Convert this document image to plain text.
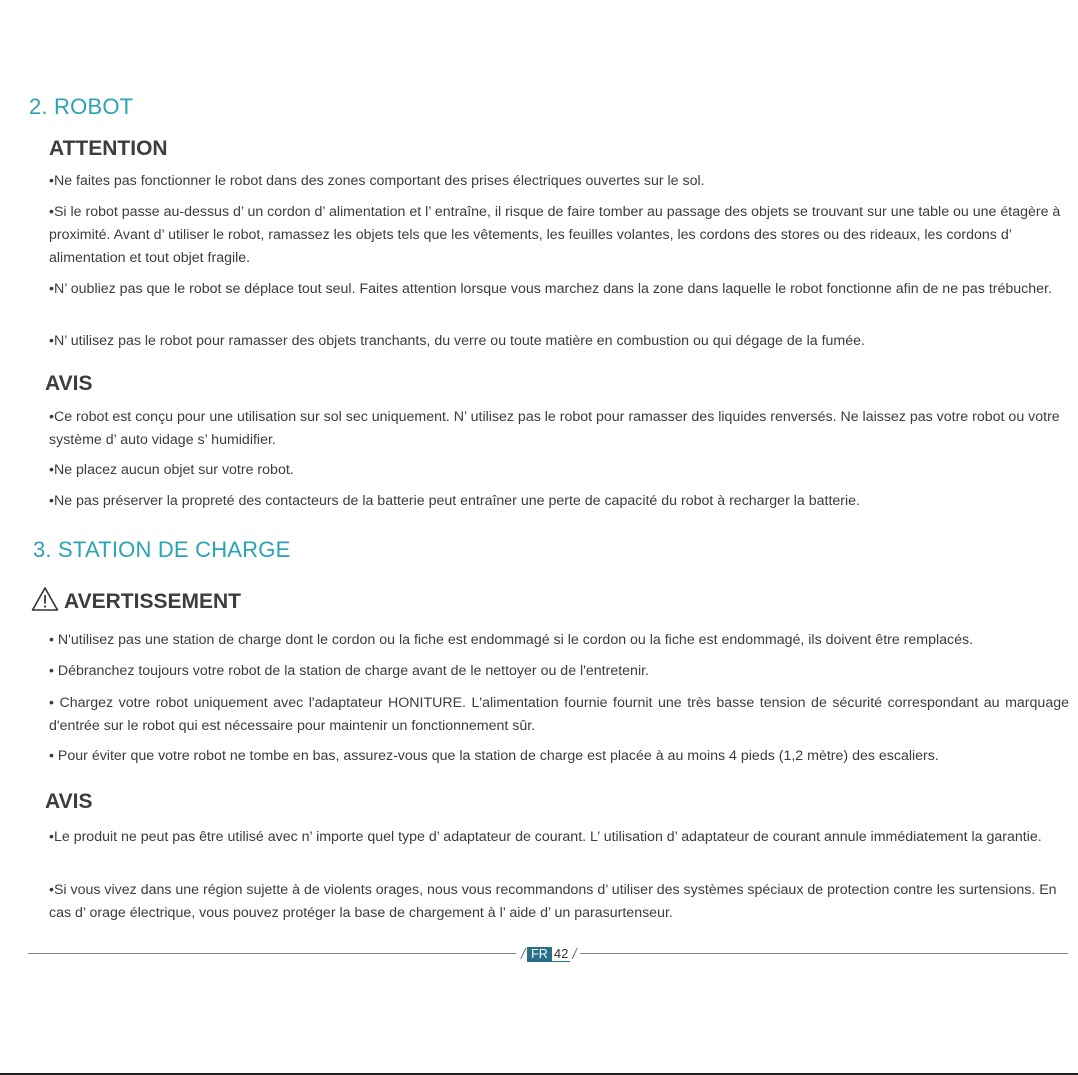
2. ROBOT
ATTENTION

•Ne faites pas fonctionner le robot dans des zones comportant des prises électriques ouvertes sur le sol.

•Si le robot passe au-dessus d’ un cordon d’ alimentation et l’ entraîne, il risque de faire tomber au passage des objets se trouvant sur une table ou une étagère à proximité. Avant d’ utiliser le robot, ramassez les objets tels que les vêtements, les feuilles volantes, les cordons des stores ou des rideaux, les cordons d’ alimentation et tout objet fragile.

•N’ oubliez pas que le robot se déplace tout seul. Faites attention lorsque vous marchez dans la zone dans laquelle le robot fonctionne afin de ne pas trébucher.

•N’ utilisez pas le robot pour ramasser des objets tranchants, du verre ou toute matière en combustion ou qui dégage de la fumée.

AVIS

•Ce robot est conçu pour une utilisation sur sol sec uniquement. N’ utilisez pas le robot pour ramasser des liquides renversés. Ne laissez pas votre robot ou votre système d’ auto vidage s’ humidifier.

•Ne placez aucun objet sur votre robot.

•Ne pas préserver la propreté des contacteurs de la batterie peut entraîner une perte de capacité du robot à recharger la batterie.

3. STATION DE CHARGE
AVERTISSEMENT

• N'utilisez pas une station de charge dont le cordon ou la fiche est endommagé si le cordon ou la fiche est endommagé, ils doivent être remplacés.

• Débranchez toujours votre robot de la station de charge avant de le nettoyer ou de l'entretenir.

• Chargez votre robot uniquement avec l'adaptateur HONITURE. L'alimentation fournie fournit une très basse tension de sécurité correspondant au marquage d'entrée sur le robot qui est nécessaire pour maintenir un fonctionnement sûr.

• Pour éviter que votre robot ne tombe en bas, assurez-vous que la station de charge est placée à au moins 4 pieds (1,2 mètre) des escaliers.

AVIS

•Le produit ne peut pas être utilisé avec n’ importe quel type d’ adaptateur de courant. L’ utilisation d’ adaptateur de courant annule immédiatement la garantie.

•Si vous vivez dans une région sujette à de violents orages, nous vous recommandons d’ utiliser des systèmes spéciaux de protection contre les surtensions. En cas d’ orage électrique, vous pouvez protéger la base de chargement à l’ aide d’ un parasurtenseur.

/ FR 42 /
